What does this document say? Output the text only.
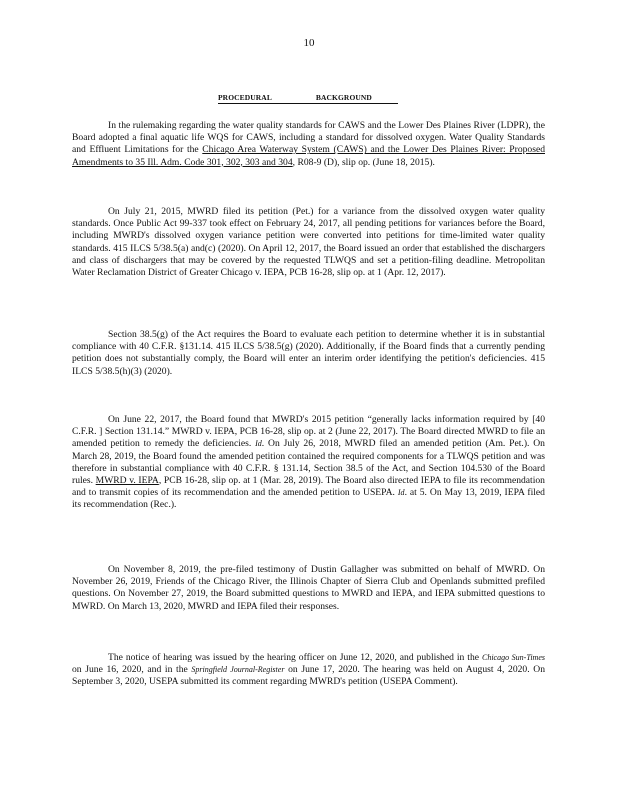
10
PROCEDURAL	BACKGROUND

In the rulemaking regarding the water quality standards for CAWS and the Lower Des Plaines River (LDPR), the Board adopted a final aquatic life WQS for CAWS, including a standard for dissolved oxygen. Water Quality Standards and Effluent Limitations for the Chicago Area Waterway System (CAWS) and the Lower Des Plaines River: Proposed Amendments to 35 Ill. Adm. Code 301, 302, 303 and 304, R08-9 (D), slip op. (June 18, 2015).

On July 21, 2015, MWRD filed its petition (Pet.) for a variance from the dissolved oxygen water quality standards. Once Public Act 99-337 took effect on February 24, 2017, all pending petitions for variances before the Board, including MWRD's dissolved oxygen variance petition were converted into petitions for time-limited water quality standards. 415 ILCS 5/38.5(a) and(c) (2020). On April 12, 2017, the Board issued an order that established the dischargers and class of dischargers that may be covered by the requested TLWQS and set a petition-filing deadline. Metropolitan Water Reclamation District of Greater Chicago v. IEPA, PCB 16-28, slip op. at 1 (Apr. 12, 2017).

Section 38.5(g) of the Act requires the Board to evaluate each petition to determine whether it is in substantial compliance with 40 C.F.R. §131.14. 415 ILCS 5/38.5(g) (2020). Additionally, if the Board finds that a currently pending petition does not substantially comply, the Board will enter an interim order identifying the petition's deficiencies. 415 ILCS 5/38.5(h)(3) (2020).

On June 22, 2017, the Board found that MWRD's 2015 petition “generally lacks information required by [40 C.F.R. ] Section 131.14.” MWRD v. IEPA, PCB 16-28, slip op. at 2 (June 22, 2017). The Board directed MWRD to file an amended petition to remedy the deficiencies. Id. On July 26, 2018, MWRD filed an amended petition (Am. Pet.). On March 28, 2019, the Board found the amended petition contained the required components for a TLWQS petition and was therefore in substantial compliance with 40 C.F.R. § 131.14, Section 38.5 of the Act, and Section 104.530 of the Board rules. MWRD v. IEPA, PCB 16-28, slip op. at 1 (Mar. 28, 2019). The Board also directed IEPA to file its recommendation and to transmit copies of its recommendation and the amended petition to USEPA. Id. at 5. On May 13, 2019, IEPA filed its recommendation (Rec.).

On November 8, 2019, the pre-filed testimony of Dustin Gallagher was submitted on behalf of MWRD. On November 26, 2019, Friends of the Chicago River, the Illinois Chapter of Sierra Club and Openlands submitted prefiled questions. On November 27, 2019, the Board submitted questions to MWRD and IEPA, and IEPA submitted questions to MWRD. On March 13, 2020, MWRD and IEPA filed their responses.

The notice of hearing was issued by the hearing officer on June 12, 2020, and published in the Chicago Sun-Times on June 16, 2020, and in the Springfield Journal-Register on June 17, 2020. The hearing was held on August 4, 2020. On September 3, 2020, USEPA submitted its comment regarding MWRD's petition (USEPA Comment).
